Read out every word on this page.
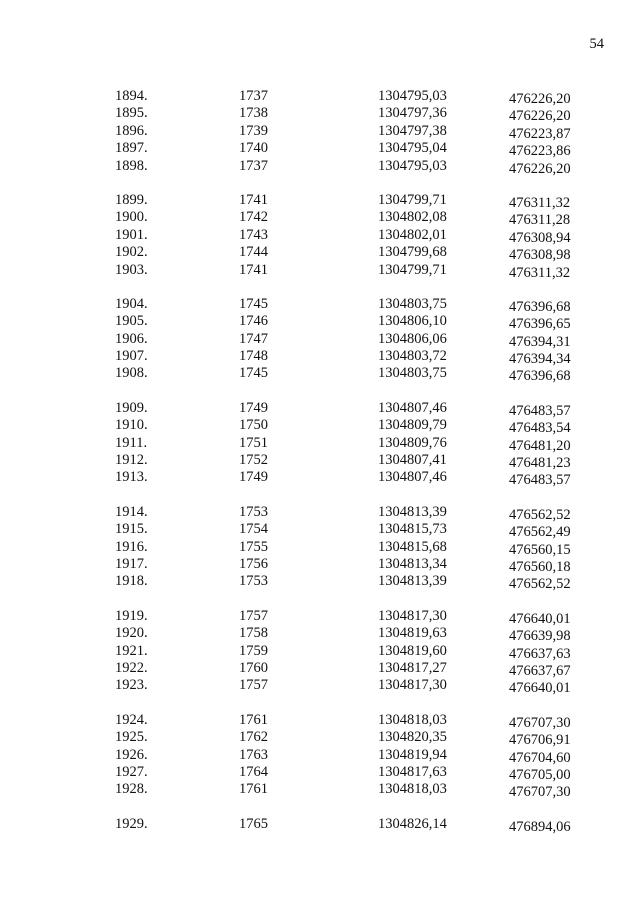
54
1894.	1737	1304795,03	476226,20
1895.	1738	1304797,36	476226,20
1896.	1739	1304797,38	476223,87
1897.	1740	1304795,04	476223,86
1898.	1737	1304795,03	476226,20
1899.	1741	1304799,71	476311,32
1900.	1742	1304802,08	476311,28
1901.	1743	1304802,01	476308,94
1902.	1744	1304799,68	476308,98
1903.	1741	1304799,71	476311,32
1904.	1745	1304803,75	476396,68
1905.	1746	1304806,10	476396,65
1906.	1747	1304806,06	476394,31
1907.	1748	1304803,72	476394,34
1908.	1745	1304803,75	476396,68
1909.	1749	1304807,46	476483,57
1910.	1750	1304809,79	476483,54
1911.	1751	1304809,76	476481,20
1912.	1752	1304807,41	476481,23
1913.	1749	1304807,46	476483,57
1914.	1753	1304813,39	476562,52
1915.	1754	1304815,73	476562,49
1916.	1755	1304815,68	476560,15
1917.	1756	1304813,34	476560,18
1918.	1753	1304813,39	476562,52
1919.	1757	1304817,30	476640,01
1920.	1758	1304819,63	476639,98
1921.	1759	1304819,60	476637,63
1922.	1760	1304817,27	476637,67
1923.	1757	1304817,30	476640,01
1924.	1761	1304818,03	476707,30
1925.	1762	1304820,35	476706,91
1926.	1763	1304819,94	476704,60
1927.	1764	1304817,63	476705,00
1928.	1761	1304818,03	476707,30
1929.	1765	1304826,14	476894,06
